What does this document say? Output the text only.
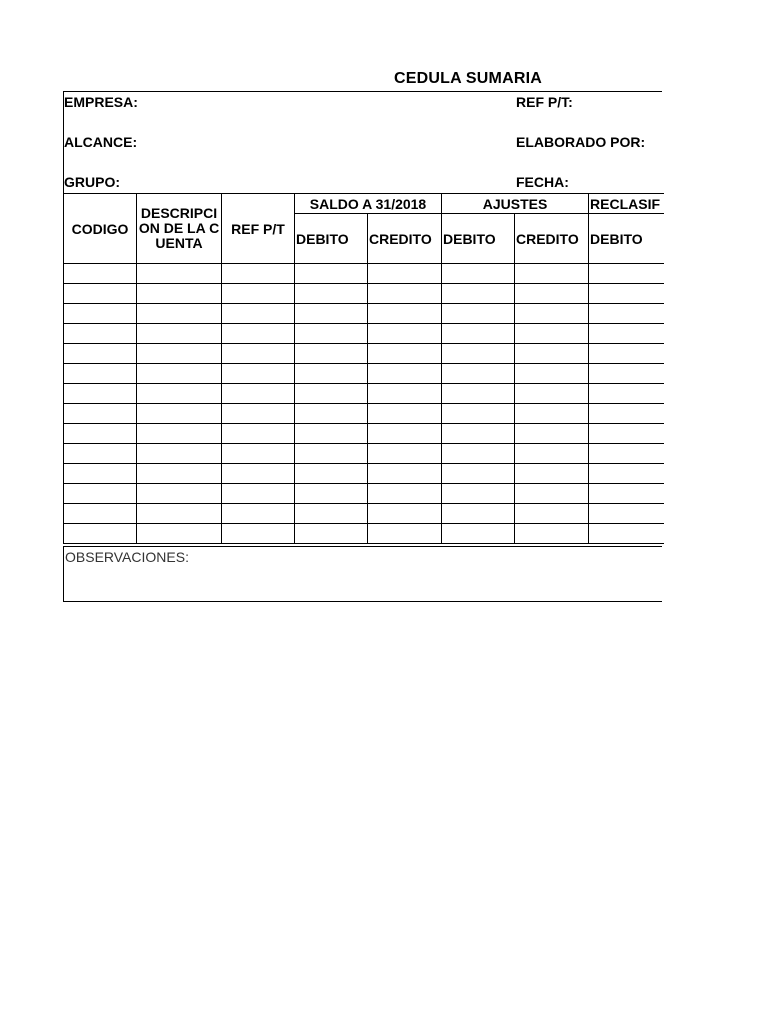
CEDULA SUMARIA
EMPRESA:	REF P/T:
ALCANCE:	ELABORADO POR:
GRUPO:	FECHA:
CODIGO	DESCRIPCION DE LA CUENTA	REF P/T	SALDO A 31/2018		AJUSTES		RECLASIF
			DEBITO	CREDITO	DEBITO	CREDITO	DEBITO

OBSERVACIONES:
